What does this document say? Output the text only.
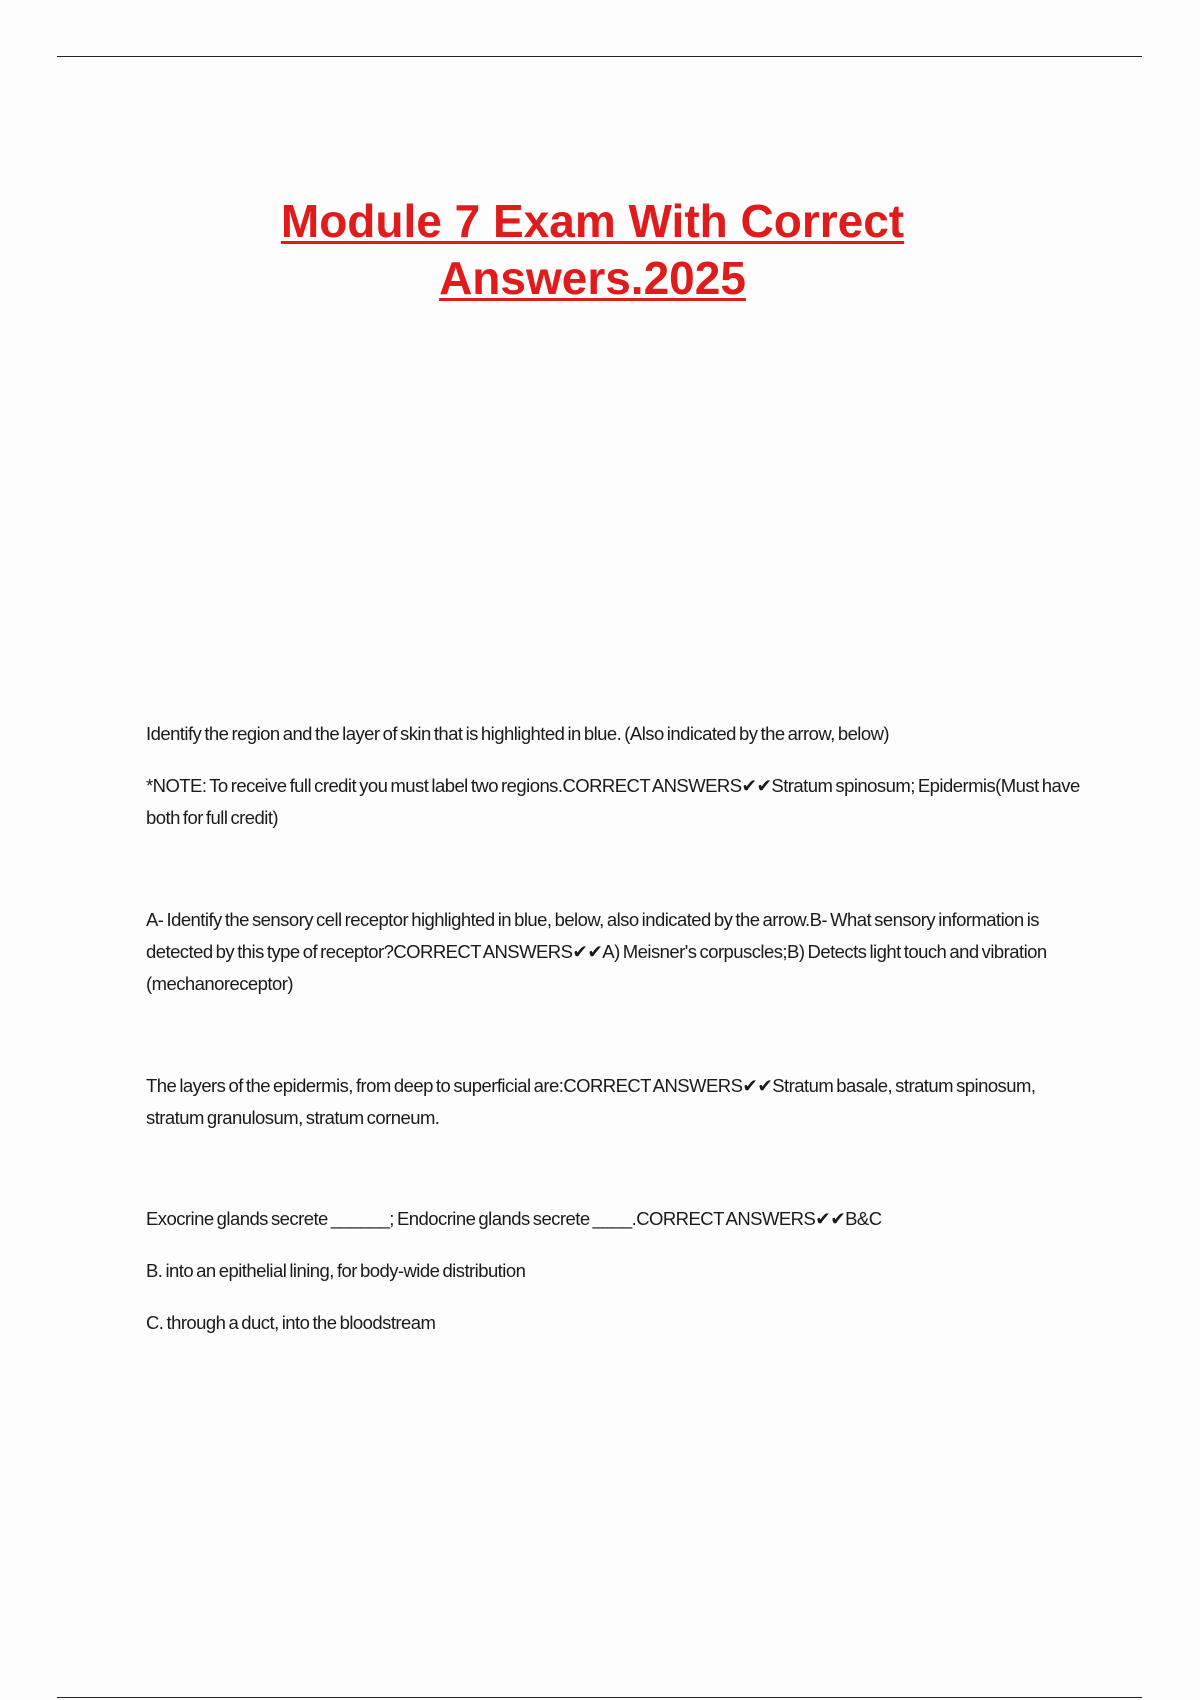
Module 7 Exam With Correct
Answers.2025

Identify the region and the layer of skin that is highlighted in blue. (Also indicated by the arrow, below)

*NOTE: To receive full credit you must label two regions.CORRECT ANSWERS✔✔Stratum spinosum; Epidermis(Must have both for full credit)

A- Identify the sensory cell receptor highlighted in blue, below, also indicated by the arrow.B- What sensory information is detected by this type of receptor?CORRECT ANSWERS✔✔A) Meisner's corpuscles;B) Detects light touch and vibration (mechanoreceptor)

The layers of the epidermis, from deep to superficial are:CORRECT ANSWERS✔✔Stratum basale, stratum spinosum, stratum granulosum, stratum corneum.

Exocrine glands secrete ______; Endocrine glands secrete ____.CORRECT ANSWERS✔✔B&C

B. into an epithelial lining, for body-wide distribution

C. through a duct, into the bloodstream
